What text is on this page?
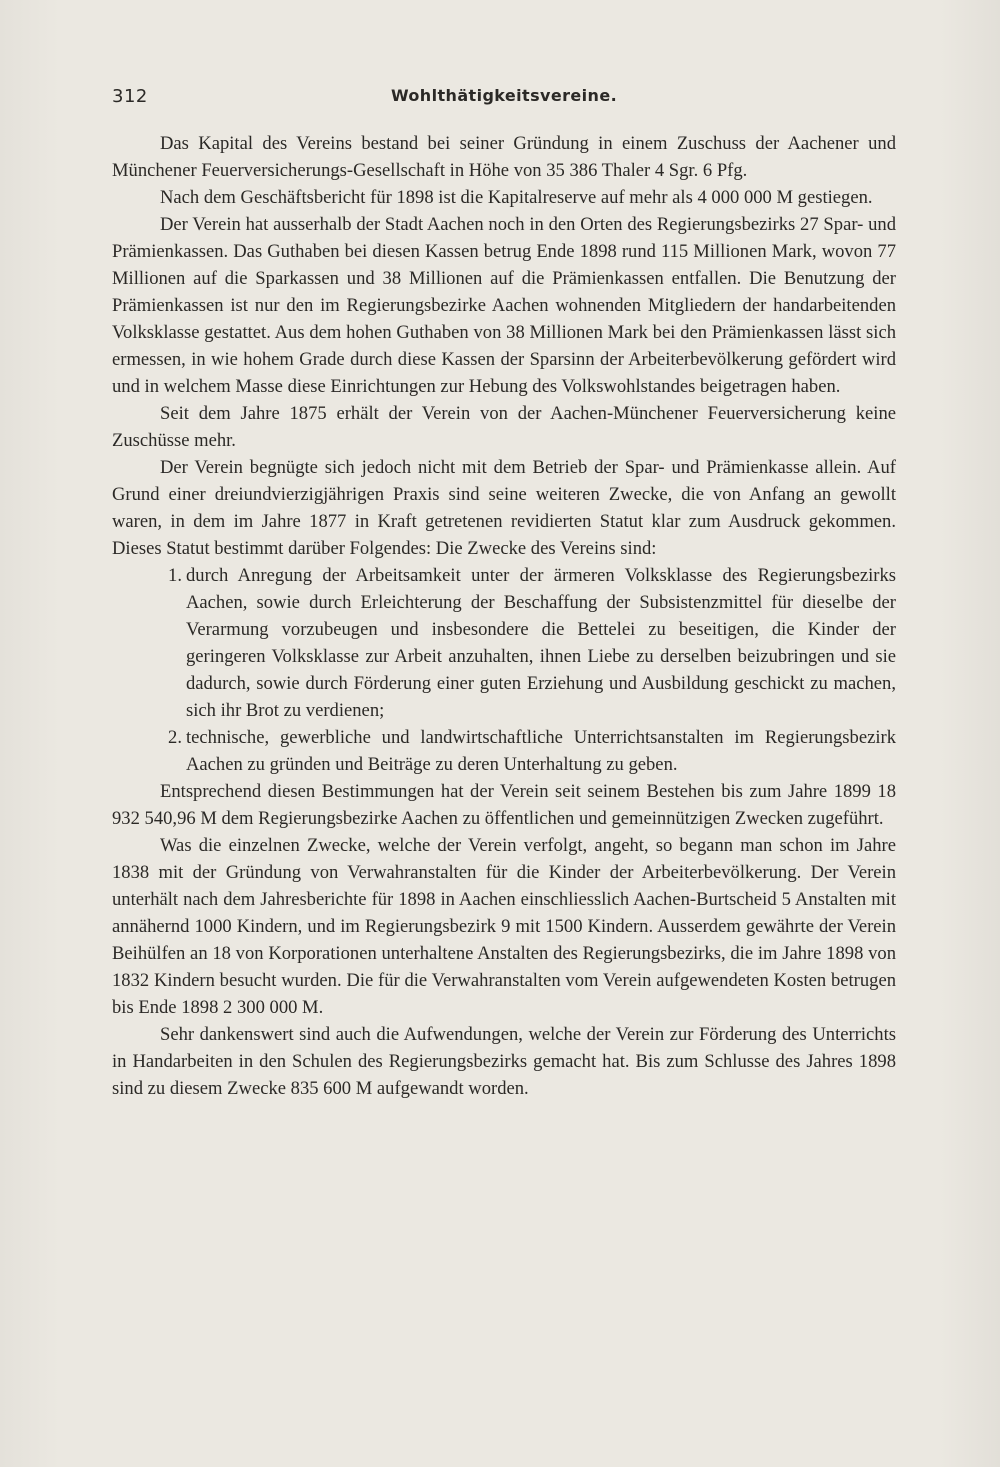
312	Wohlthätigkeitsvereine.

Das Kapital des Vereins bestand bei seiner Gründung in einem Zuschuss der Aachener und Münchener Feuerversicherungs-Gesellschaft in Höhe von 35 386 Thaler 4 Sgr. 6 Pfg.

Nach dem Geschäftsbericht für 1898 ist die Kapitalreserve auf mehr als 4 000 000 M gestiegen.

Der Verein hat ausserhalb der Stadt Aachen noch in den Orten des Regierungsbezirks 27 Spar- und Prämienkassen. Das Guthaben bei diesen Kassen betrug Ende 1898 rund 115 Millionen Mark, wovon 77 Millionen auf die Sparkassen und 38 Millionen auf die Prämienkassen entfallen. Die Benutzung der Prämienkassen ist nur den im Regierungsbezirke Aachen wohnenden Mitgliedern der handarbeitenden Volksklasse gestattet. Aus dem hohen Guthaben von 38 Millionen Mark bei den Prämienkassen lässt sich ermessen, in wie hohem Grade durch diese Kassen der Sparsinn der Arbeiterbevölkerung gefördert wird und in welchem Masse diese Einrichtungen zur Hebung des Volkswohlstandes beigetragen haben.

Seit dem Jahre 1875 erhält der Verein von der Aachen-Münchener Feuerversicherung keine Zuschüsse mehr.

Der Verein begnügte sich jedoch nicht mit dem Betrieb der Spar- und Prämienkasse allein. Auf Grund einer dreiundvierzigjährigen Praxis sind seine weiteren Zwecke, die von Anfang an gewollt waren, in dem im Jahre 1877 in Kraft getretenen revidierten Statut klar zum Ausdruck gekommen. Dieses Statut bestimmt darüber Folgendes: Die Zwecke des Vereins sind:

1. durch Anregung der Arbeitsamkeit unter der ärmeren Volksklasse des Regierungsbezirks Aachen, sowie durch Erleichterung der Beschaffung der Subsistenzmittel für dieselbe der Verarmung vorzubeugen und insbesondere die Bettelei zu beseitigen, die Kinder der geringeren Volksklasse zur Arbeit anzuhalten, ihnen Liebe zu derselben beizubringen und sie dadurch, sowie durch Förderung einer guten Erziehung und Ausbildung geschickt zu machen, sich ihr Brot zu verdienen;
2. technische, gewerbliche und landwirtschaftliche Unterrichtsanstalten im Regierungsbezirk Aachen zu gründen und Beiträge zu deren Unterhaltung zu geben.

Entsprechend diesen Bestimmungen hat der Verein seit seinem Bestehen bis zum Jahre 1899 18 932 540,96 M dem Regierungsbezirke Aachen zu öffentlichen und gemeinnützigen Zwecken zugeführt.

Was die einzelnen Zwecke, welche der Verein verfolgt, angeht, so begann man schon im Jahre 1838 mit der Gründung von Verwahranstalten für die Kinder der Arbeiterbevölkerung. Der Verein unterhält nach dem Jahresberichte für 1898 in Aachen einschliesslich Aachen-Burtscheid 5 Anstalten mit annähernd 1000 Kindern, und im Regierungsbezirk 9 mit 1500 Kindern. Ausserdem gewährte der Verein Beihülfen an 18 von Korporationen unterhaltene Anstalten des Regierungsbezirks, die im Jahre 1898 von 1832 Kindern besucht wurden. Die für die Verwahranstalten vom Verein aufgewendeten Kosten betrugen bis Ende 1898 2 300 000 M.

Sehr dankenswert sind auch die Aufwendungen, welche der Verein zur Förderung des Unterrichts in Handarbeiten in den Schulen des Regierungsbezirks gemacht hat. Bis zum Schlusse des Jahres 1898 sind zu diesem Zwecke 835 600 M aufgewandt worden.
